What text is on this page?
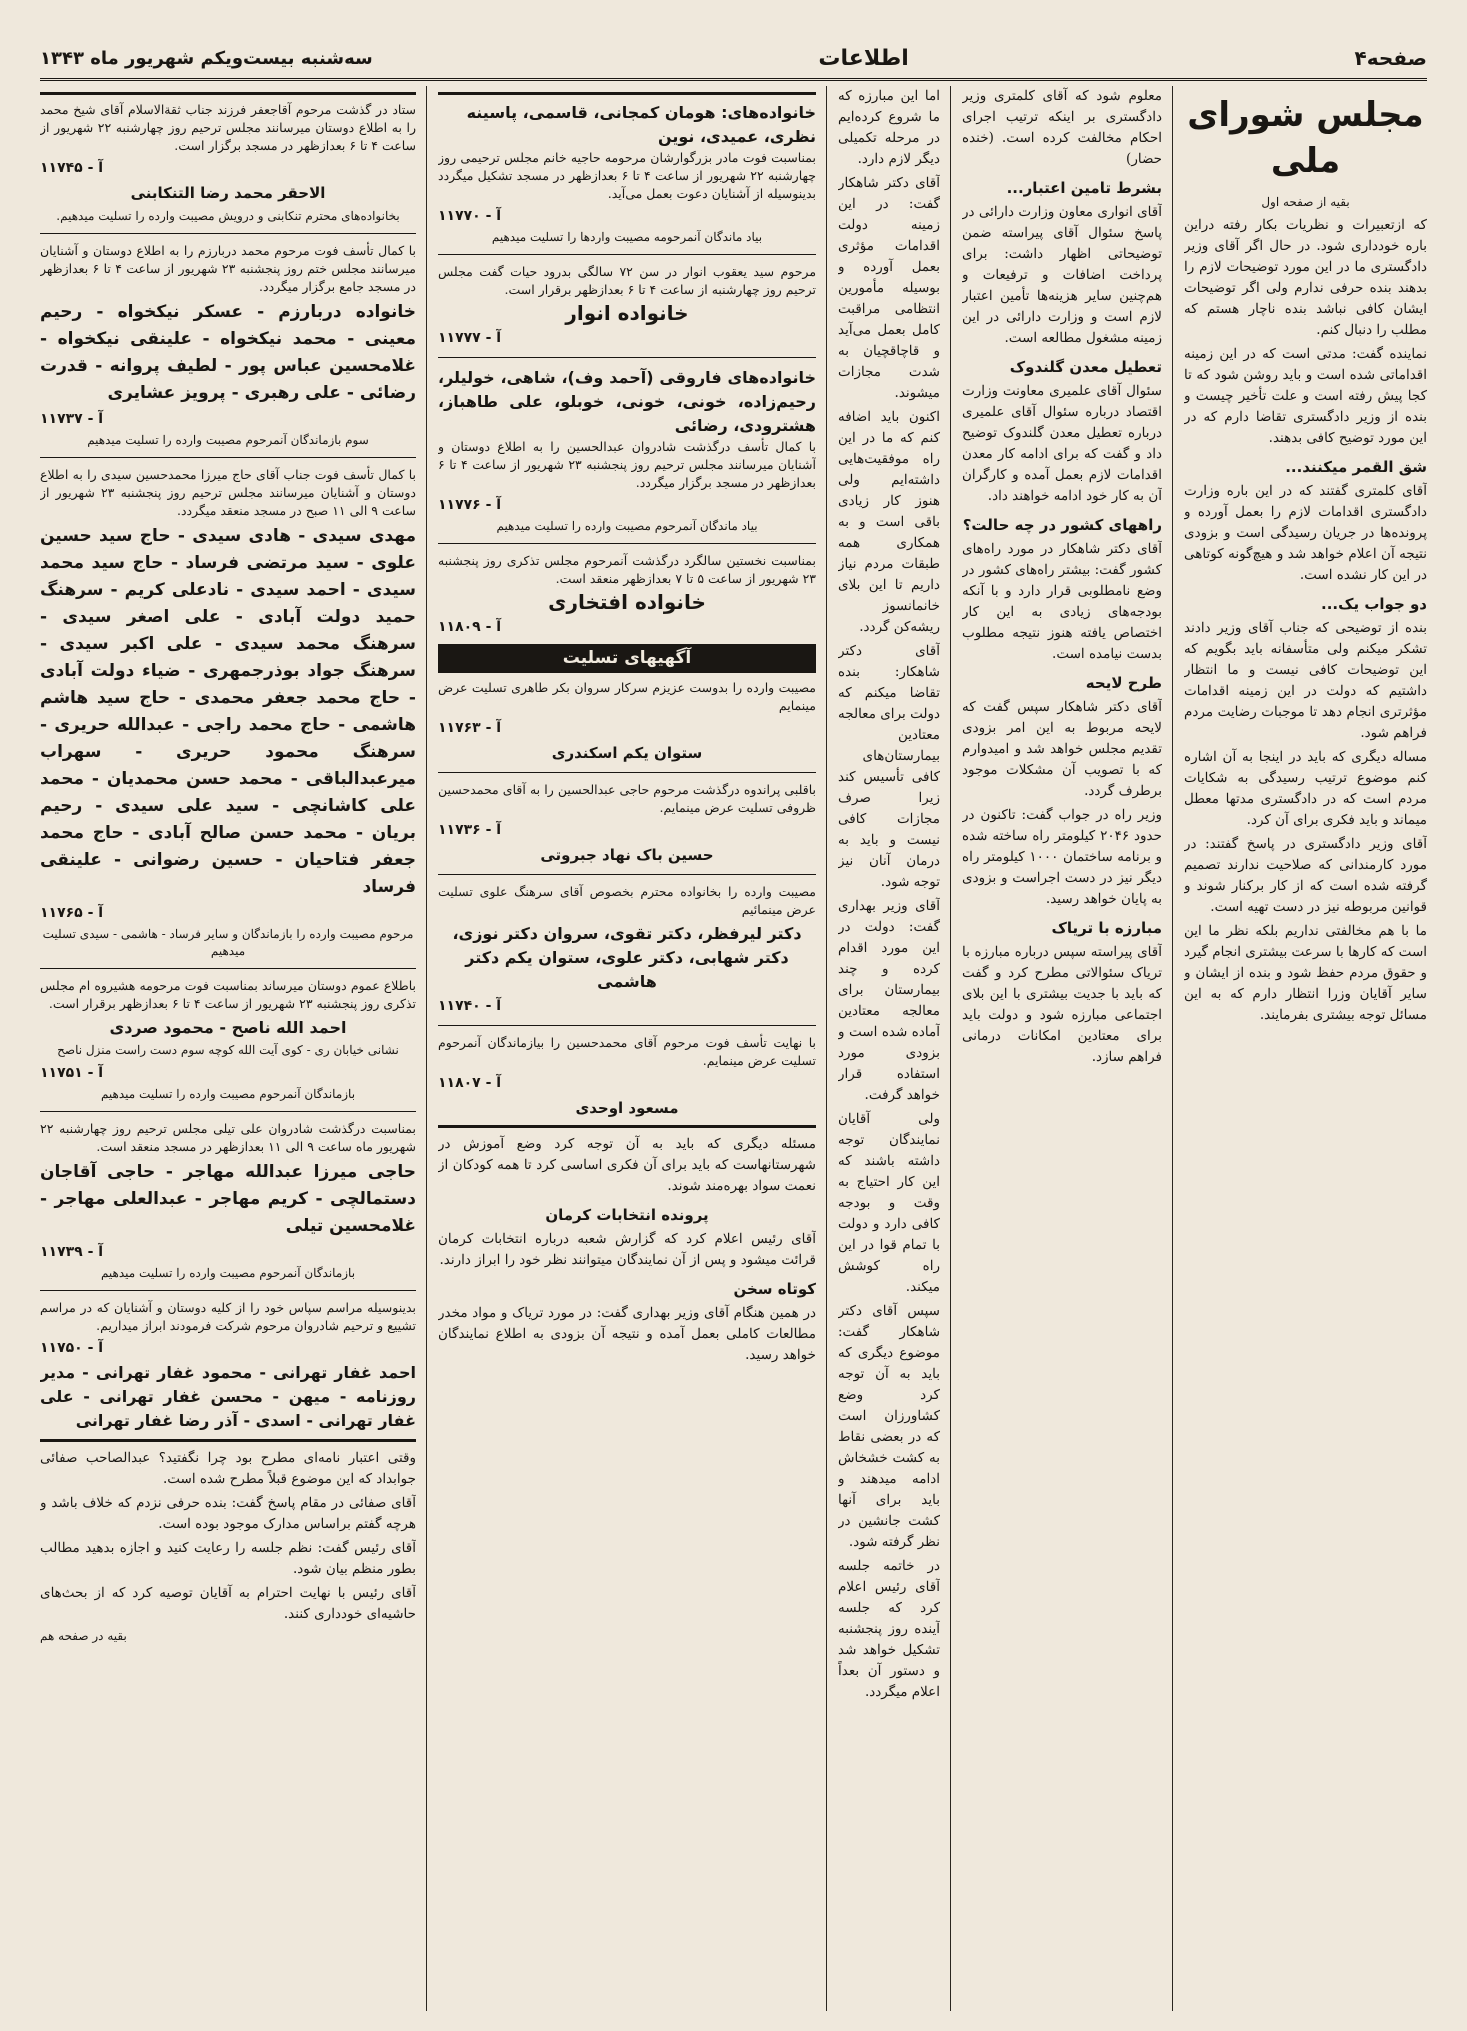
صفحه۴
اطلاعات
سه‌شنبه بیست‌ویکم شهریور ماه ۱۳۴۳
مجلس شورای ملی
بقیه از صفحه اول

که ازتعبیرات و نظریات بکار رفته دراین باره خودداری شود. در حال اگر آقای وزیر دادگستری ما در این مورد توضیحات لازم را بدهند بنده حرفی ندارم ولی اگر توضیحات ایشان کافی نباشد بنده ناچار هستم که مطلب را دنبال کنم.

نماینده گفت: مدتی است که در این زمینه اقداماتی شده است و باید روشن شود که تا کجا پیش رفته است و علت تأخیر چیست و بنده از وزیر دادگستری تقاضا دارم که در این مورد توضیح کافی بدهند.

شق القمر میکنند...

آقای کلمتری گفتند که در این باره وزارت دادگستری اقدامات لازم را بعمل آورده و پرونده‌ها در جریان رسیدگی است و بزودی نتیجه آن اعلام خواهد شد و هیچ‌گونه کوتاهی در این کار نشده است.

دو جواب یک...

بنده از توضیحی که جناب آقای وزیر دادند تشکر میکنم ولی متأسفانه باید بگویم که این توضیحات کافی نیست و ما انتظار داشتیم که دولت در این زمینه اقدامات مؤثرتری انجام دهد تا موجبات رضایت مردم فراهم شود.

مساله دیگری که باید در اینجا به آن اشاره کنم موضوع ترتیب رسیدگی به شکایات مردم است که در دادگستری مدتها معطل میماند و باید فکری برای آن کرد.

آقای وزیر دادگستری در پاسخ گفتند: در مورد کارمندانی که صلاحیت ندارند تصمیم گرفته شده است که از کار برکنار شوند و قوانین مربوطه نیز در دست تهیه است.

ما با هم مخالفتی نداریم بلکه نظر ما این است که کارها با سرعت بیشتری انجام گیرد و حقوق مردم حفظ شود و بنده از ایشان و سایر آقایان وزرا انتظار دارم که به این مسائل توجه بیشتری بفرمایند.

معلوم شود که آقای کلمتری وزیر دادگستری بر اینکه ترتیب اجرای احکام مخالفت کرده است. (خنده حضار)

بشرط تامین اعتبار...

آقای انواری معاون وزارت دارائی در پاسخ سئوال آقای پیراسته ضمن توضیحاتی اظهار داشت: برای پرداخت اضافات و ترفیعات و هم‌چنین سایر هزینه‌ها تأمین اعتبار لازم است و وزارت دارائی در این زمینه مشغول مطالعه است.

تعطیل معدن گلندوک

سئوال آقای علمیری معاونت وزارت اقتصاد درباره سئوال آقای علمیری درباره تعطیل معدن گلندوک توضیح داد و گفت که برای ادامه کار معدن اقدامات لازم بعمل آمده و کارگران آن به کار خود ادامه خواهند داد.

راههای کشور در چه حالت؟

آقای دکتر شاهکار در مورد راه‌های کشور گفت: بیشتر راه‌های کشور در وضع نامطلوبی قرار دارد و با آنکه بودجه‌های زیادی به این کار اختصاص یافته هنوز نتیجه مطلوب بدست نیامده است.

طرح لایحه

آقای دکتر شاهکار سپس گفت که لایحه مربوط به این امر بزودی تقدیم مجلس خواهد شد و امیدوارم که با تصویب آن مشکلات موجود برطرف گردد.

وزیر راه در جواب گفت: تاکنون در حدود ۲۰۴۶ کیلومتر راه ساخته شده و برنامه ساختمان ۱۰۰۰ کیلومتر راه دیگر نیز در دست اجراست و بزودی به پایان خواهد رسید.

مبارزه با تریاک

آقای پیراسته سپس درباره مبارزه با تریاک سئوالاتی مطرح کرد و گفت که باید با جدیت بیشتری با این بلای اجتماعی مبارزه شود و دولت باید برای معتادین امکانات درمانی فراهم سازد.

اما این مبارزه که ما شروع کرده‌ایم در مرحله تکمیلی دیگر لازم دارد.

آقای دکتر شاهکار گفت: در این زمینه دولت اقدامات مؤثری بعمل آورده و بوسیله مأمورین انتظامی مراقبت کامل بعمل می‌آید و قاچاقچیان به شدت مجازات میشوند.

اکنون باید اضافه کنم که ما در این راه موفقیت‌هایی داشته‌ایم ولی هنوز کار زیادی باقی است و به همکاری همه طبقات مردم نیاز داریم تا این بلای خانمانسوز ریشه‌کن گردد.

آقای دکتر شاهکار: بنده تقاضا میکنم که دولت برای معالجه معتادین بیمارستان‌های کافی تأسیس کند زیرا صرف مجازات کافی نیست و باید به درمان آنان نیز توجه شود.

آقای وزیر بهداری گفت: دولت در این مورد اقدام کرده و چند بیمارستان برای معالجه معتادین آماده شده است و بزودی مورد استفاده قرار خواهد گرفت.

ولی آقایان نمایندگان توجه داشته باشند که این کار احتیاج به وقت و بودجه کافی دارد و دولت با تمام قوا در این راه کوشش میکند.

سپس آقای دکتر شاهکار گفت: موضوع دیگری که باید به آن توجه کرد وضع کشاورزان است که در بعضی نقاط به کشت خشخاش ادامه میدهند و باید برای آنها کشت جانشین در نظر گرفته شود.

در خاتمه جلسه آقای رئیس اعلام کرد که جلسه آینده روز پنجشنبه تشکیل خواهد شد و دستور آن بعداً اعلام میگردد.

خانواده‌های: هومان کمجانی، قاسمی، پاسینه
نظری، عمیدی، نوین

بمناسبت فوت مادر بزرگوارشان مرحومه حاجیه خانم مجلس ترحیمی روز چهارشنبه ۲۲ شهریور از ساعت ۴ تا ۶ بعدازظهر در مسجد تشکیل میگردد بدینوسیله از آشنایان دعوت بعمل می‌آید.

آ - ۱۱۷۷۰
بیاد ماندگان آنمرحومه مصیبت واردها را تسلیت میدهیم

مرحوم سید یعقوب انوار در سن ۷۲ سالگی بدرود حیات گفت مجلس ترحیم روز چهارشنبه از ساعت ۴ تا ۶ بعدازظهر برقرار است.

خانواده انوار
آ - ۱۱۷۷۷
خانواده‌های فاروقی (آحمد وف)، شاهی، خولیلر، رحیم‌زاده، خونی، خونی، خوبلو، علی طاهباز، هشترودی، رضائی

با کمال تأسف درگذشت شادروان عبدالحسین را به اطلاع دوستان و آشنایان میرسانند مجلس ترحیم روز پنجشنبه ۲۳ شهریور از ساعت ۴ تا ۶ بعدازظهر در مسجد برگزار میگردد.

آ - ۱۱۷۷۶
بیاد ماندگان آنمرحوم مصیبت وارده را تسلیت میدهیم

بمناسبت نخستین سالگرد درگذشت آنمرحوم مجلس تذکری روز پنجشنبه ۲۳ شهریور از ساعت ۵ تا ۷ بعدازظهر منعقد است.

خانواده افتخاری
آ - ۱۱۸۰۹
آگهیهای تسلیت

مصیبت وارده را بدوست عزیزم سرکار سروان بکر طاهری تسلیت عرض مینمایم

آ - ۱۱۷۶۳
ستوان یکم اسکندری

باقلبی پراندوه درگذشت مرحوم حاجی عبدالحسین را به آقای محمدحسین ظروفی تسلیت عرض مینمایم.

آ - ۱۱۷۳۶
حسین باک نهاد جبروتی

مصیبت وارده را بخانواده محترم بخصوص آقای سرهنگ علوی تسلیت عرض مینمائیم

دکتر لیرفظر، دکتر تقوی، سروان دکتر نوزی، دکتر شهابی، دکتر علوی، ستوان یکم دکتر هاشمی
آ - ۱۱۷۴۰

با نهایت تأسف فوت مرحوم آقای محمدحسین را بیازماندگان آنمرحوم تسلیت عرض مینمایم.

آ - ۱۱۸۰۷
مسعود اوحدی

مسئله دیگری که باید به آن توجه کرد وضع آموزش در شهرستانهاست که باید برای آن فکری اساسی کرد تا همه کودکان از نعمت سواد بهره‌مند شوند.

پرونده انتخابات کرمان

آقای رئیس اعلام کرد که گزارش شعبه درباره انتخابات کرمان قرائت میشود و پس از آن نمایندگان میتوانند نظر خود را ابراز دارند.

کوتاه سخن

در همین هنگام آقای وزیر بهداری گفت: در مورد تریاک و مواد مخدر مطالعات کاملی بعمل آمده و نتیجه آن بزودی به اطلاع نمایندگان خواهد رسید.

ستاد در گذشت مرحوم آقاجعفر فرزند جناب ثقةالاسلام آقای شیخ محمد را به اطلاع دوستان میرسانند مجلس ترحیم روز چهارشنبه ۲۲ شهریور از ساعت ۴ تا ۶ بعدازظهر در مسجد برگزار است.

آ - ۱۱۷۴۵
الاحقر محمد رضا التنکابنی
بخانواده‌های محترم تنکابنی و درویش مصیبت وارده را تسلیت میدهیم.

با کمال تأسف فوت مرحوم محمد دربارزم را به اطلاع دوستان و آشنایان میرسانند مجلس ختم روز پنجشنبه ۲۳ شهریور از ساعت ۴ تا ۶ بعدازظهر در مسجد جامع برگزار میگردد.

خانواده دربارزم - عسکر نیکخواه - رحیم معینی - محمد نیکخواه - علینقی نیکخواه - غلامحسین عباس پور - لطیف پروانه - قدرت رضائی - علی رهبری - پرویز عشایری
آ - ۱۱۷۳۷
سوم بازماندگان آنمرحوم مصیبت وارده را تسلیت میدهیم

با کمال تأسف فوت جناب آقای حاج میرزا محمدحسین سیدی را به اطلاع دوستان و آشنایان میرسانند مجلس ترحیم روز پنجشنبه ۲۳ شهریور از ساعت ۹ الی ۱۱ صبح در مسجد منعقد میگردد.

مهدی سیدی - هادی سیدی - حاج سید حسین علوی - سید مرتضی فرساد - حاج سید محمد سیدی - احمد سیدی - نادعلی کریم - سرهنگ حمید دولت آبادی - علی اصغر سیدی - سرهنگ محمد سیدی - علی اکبر سیدی - سرهنگ جواد بوذرجمهری - ضیاء دولت آبادی - حاج محمد جعفر محمدی - حاج سید هاشم هاشمی - حاج محمد راجی - عبدالله حریری - سرهنگ محمود حریری - سهراب میرعبدالباقی - محمد حسن محمدیان - محمد علی کاشانچی - سید علی سیدی - رحیم بریان - محمد حسن صالح آبادی - حاج محمد جعفر فتاحیان - حسین رضوانی - علینقی فرساد
آ - ۱۱۷۶۵
مرحوم مصیبت وارده را بازماندگان و سایر فرساد - هاشمی - سیدی تسلیت میدهیم

باطلاع عموم دوستان میرساند بمناسبت فوت مرحومه هشیروه ام مجلس تذکری روز پنجشنبه ۲۳ شهریور از ساعت ۴ تا ۶ بعدازظهر برقرار است.

احمد الله ناصح - محمود صردی
نشانی خیابان ری - کوی آیت الله کوچه سوم دست راست منزل ناصح
آ - ۱۱۷۵۱
بازماندگان آنمرحوم مصیبت وارده را تسلیت میدهیم

بمناسبت درگذشت شادروان علی تیلی مجلس ترحیم روز چهارشنبه ۲۲ شهریور ماه ساعت ۹ الی ۱۱ بعدازظهر در مسجد منعقد است.

حاجی میرزا عبدالله مهاجر - حاجی آقاجان دستمالچی - کریم مهاجر - عبدالعلی مهاجر - غلامحسین تیلی
آ - ۱۱۷۳۹
بازماندگان آنمرحوم مصیبت وارده را تسلیت میدهیم

بدینوسیله مراسم سپاس خود را از کلیه دوستان و آشنایان که در مراسم تشییع و ترحیم شادروان مرحوم شرکت فرمودند ابراز میداریم.

آ - ۱۱۷۵۰
احمد غفار تهرانی - محمود غفار تهرانی - مدیر روزنامه - میهن - محسن غفار تهرانی - علی غفار تهرانی - اسدی - آذر رضا غفار تهرانی

وقتی اعتبار نامه‌ای مطرح بود چرا نگفتید؟ عبدالصاحب صفائی جوابداد که این موضوع قبلاً مطرح شده است.

آقای صفائی در مقام پاسخ گفت: بنده حرفی نزدم که خلاف باشد و هرچه گفتم براساس مدارک موجود بوده است.

آقای رئیس گفت: نظم جلسه را رعایت کنید و اجازه بدهید مطالب بطور منظم بیان شود.

آقای رئیس با نهایت احترام به آقایان توصیه کرد که از بحث‌های حاشیه‌ای خودداری کنند.

بقیه در صفحه هم
